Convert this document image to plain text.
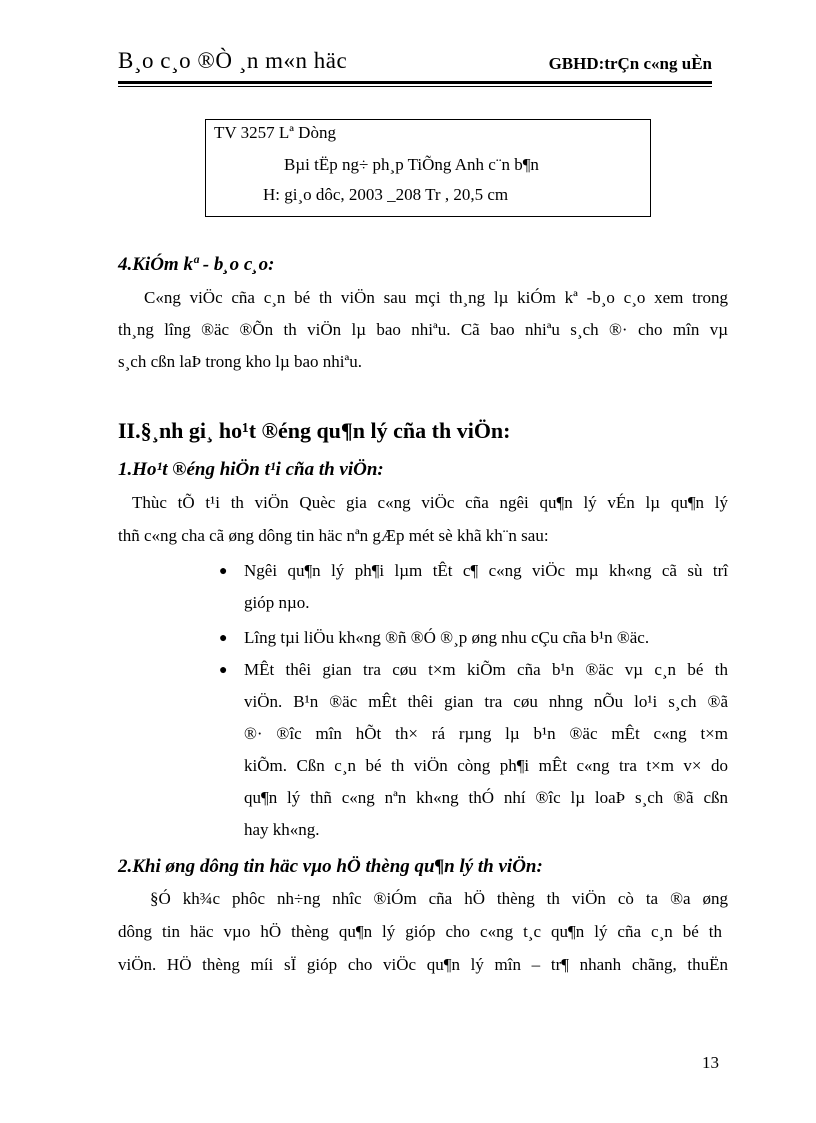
B¸o c¸o ®Ò ¸n m«n häc	GBHD:trÇn c«ng uÈn
TV 3257 Lª Dòng
Bµi tËp ng÷ ph¸p TiÕng Anh c¨n b¶n
H: gi¸o dôc, 2003 _208 Tr , 20,5 cm
4.KiÓm kª - b¸o c¸o:
C«ng viÖc cña c¸n bé th viÖn sau mçi th¸ng lµ kiÓm kª -b¸o c¸o xem trong
th¸ng lîng ®äc ®Õn th viÖn lµ bao nhiªu. Cã bao nhiªu s¸ch ®· cho mîn vµ
s¸ch cßn laÞ trong kho lµ bao nhiªu.
II.§¸nh gi¸ ho¹t ®éng qu¶n lý cña th viÖn:
1.Ho¹t ®éng hiÖn t¹i cña th viÖn:
Thùc tÕ t¹i th viÖn Quèc gia c«ng viÖc cña ngêi qu¶n lý vÉn lµ qu¶n lý
thñ c«ng cha cã øng dông tin häc nªn gÆp mét sè khã kh¨n sau:
● Ngêi qu¶n lý ph¶i lµm tÊt c¶ c«ng viÖc mµ kh«ng cã sù trî
gióp nµo.
● Lîng tµi liÖu kh«ng ®ñ ®Ó ®¸p øng nhu cÇu cña b¹n ®äc.
● MÊt thêi gian tra cøu t×m kiÕm cña b¹n ®äc vµ c¸n bé th
viÖn. B¹n ®äc mÊt thêi gian tra cøu nhng nÕu lo¹i s¸ch ®ã
®· ®îc mîn hÕt th× rá rµng lµ b¹n ®äc mÊt c«ng t×m
kiÕm. Cßn c¸n bé th viÖn còng ph¶i mÊt c«ng tra t×m v× do
qu¶n lý thñ c«ng nªn kh«ng thÓ nhí ®îc lµ loaÞ s¸ch ®ã cßn
hay kh«ng.
2.Khi øng dông tin häc vµo hÖ thèng qu¶n lý th viÖn:
§Ó kh¾c phôc nh÷ng nhîc ®iÓm cña hÖ thèng th viÖn cò ta ®a øng
dông tin häc vµo hÖ thèng qu¶n lý gióp cho c«ng t¸c qu¶n lý cña c¸n bé th
viÖn. HÖ thèng míi sÏ gióp cho viÖc qu¶n lý mîn – tr¶ nhanh chãng, thuËn
13
